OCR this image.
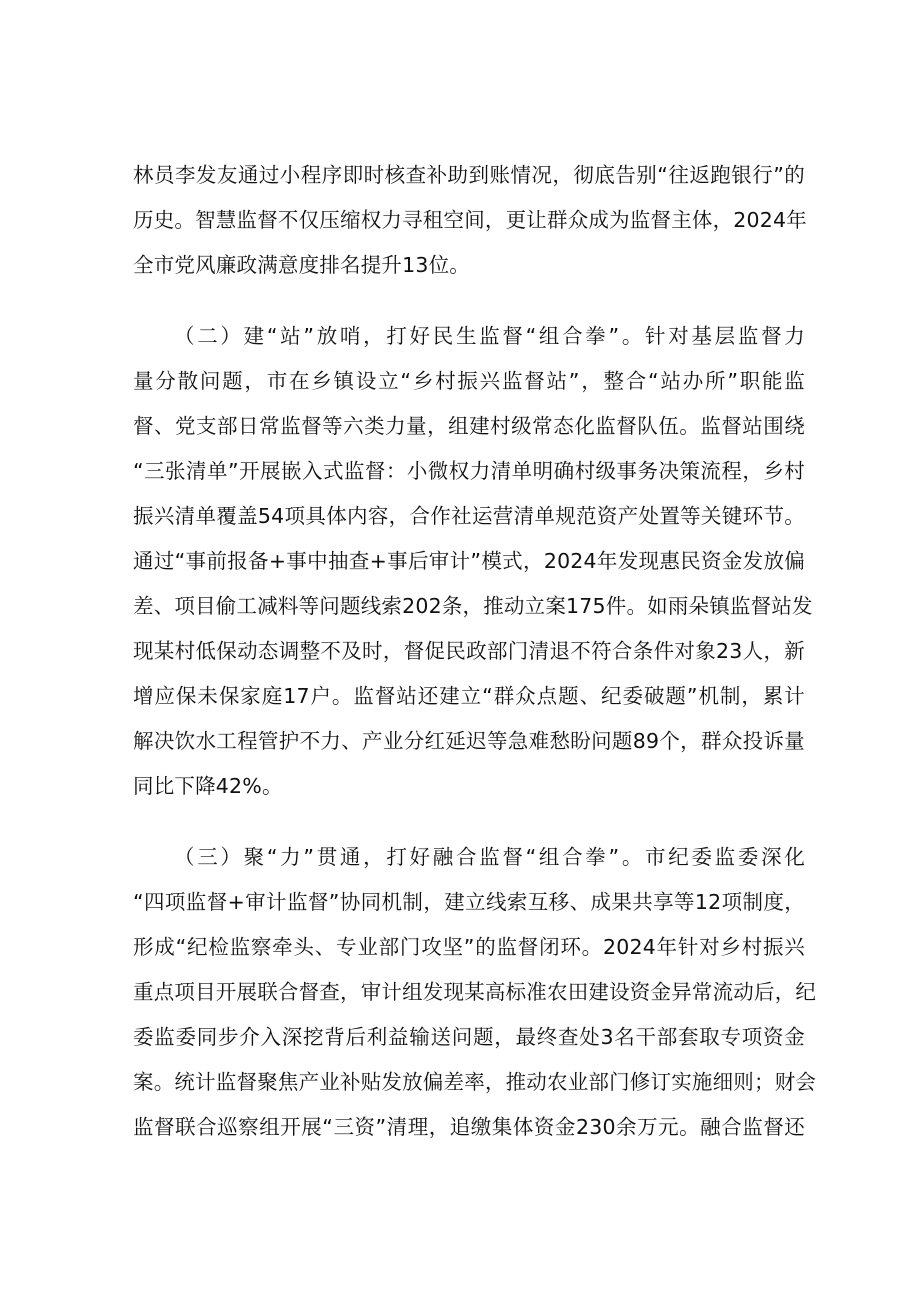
林员李发友通过小程序即时核查补助到账情况，彻底告别“往返跑银行”的
历史。智慧监督不仅压缩权力寻租空间，更让群众成为监督主体，2024年
全市党风廉政满意度排名提升13位。
（二）建“站”放哨，打好民生监督“组合拳”。针对基层监督力
量分散问题，市在乡镇设立“乡村振兴监督站”，整合“站办所”职能监
督、党支部日常监督等六类力量，组建村级常态化监督队伍。监督站围绕
“三张清单”开展嵌入式监督：小微权力清单明确村级事务决策流程，乡村
振兴清单覆盖54项具体内容，合作社运营清单规范资产处置等关键环节。
通过“事前报备+事中抽查+事后审计”模式，2024年发现惠民资金发放偏
差、项目偷工减料等问题线索202条，推动立案175件。如雨朵镇监督站发
现某村低保动态调整不及时，督促民政部门清退不符合条件对象23人，新
增应保未保家庭17户。监督站还建立“群众点题、纪委破题”机制，累计
解决饮水工程管护不力、产业分红延迟等急难愁盼问题89个，群众投诉量
同比下降42%。
（三）聚“力”贯通，打好融合监督“组合拳”。市纪委监委深化
“四项监督+审计监督”协同机制，建立线索互移、成果共享等12项制度，
形成“纪检监察牵头、专业部门攻坚”的监督闭环。2024年针对乡村振兴
重点项目开展联合督查，审计组发现某高标准农田建设资金异常流动后，纪
委监委同步介入深挖背后利益输送问题，最终查处3名干部套取专项资金
案。统计监督聚焦产业补贴发放偏差率，推动农业部门修订实施细则；财会
监督联合巡察组开展“三资”清理，追缴集体资金230余万元。融合监督还
